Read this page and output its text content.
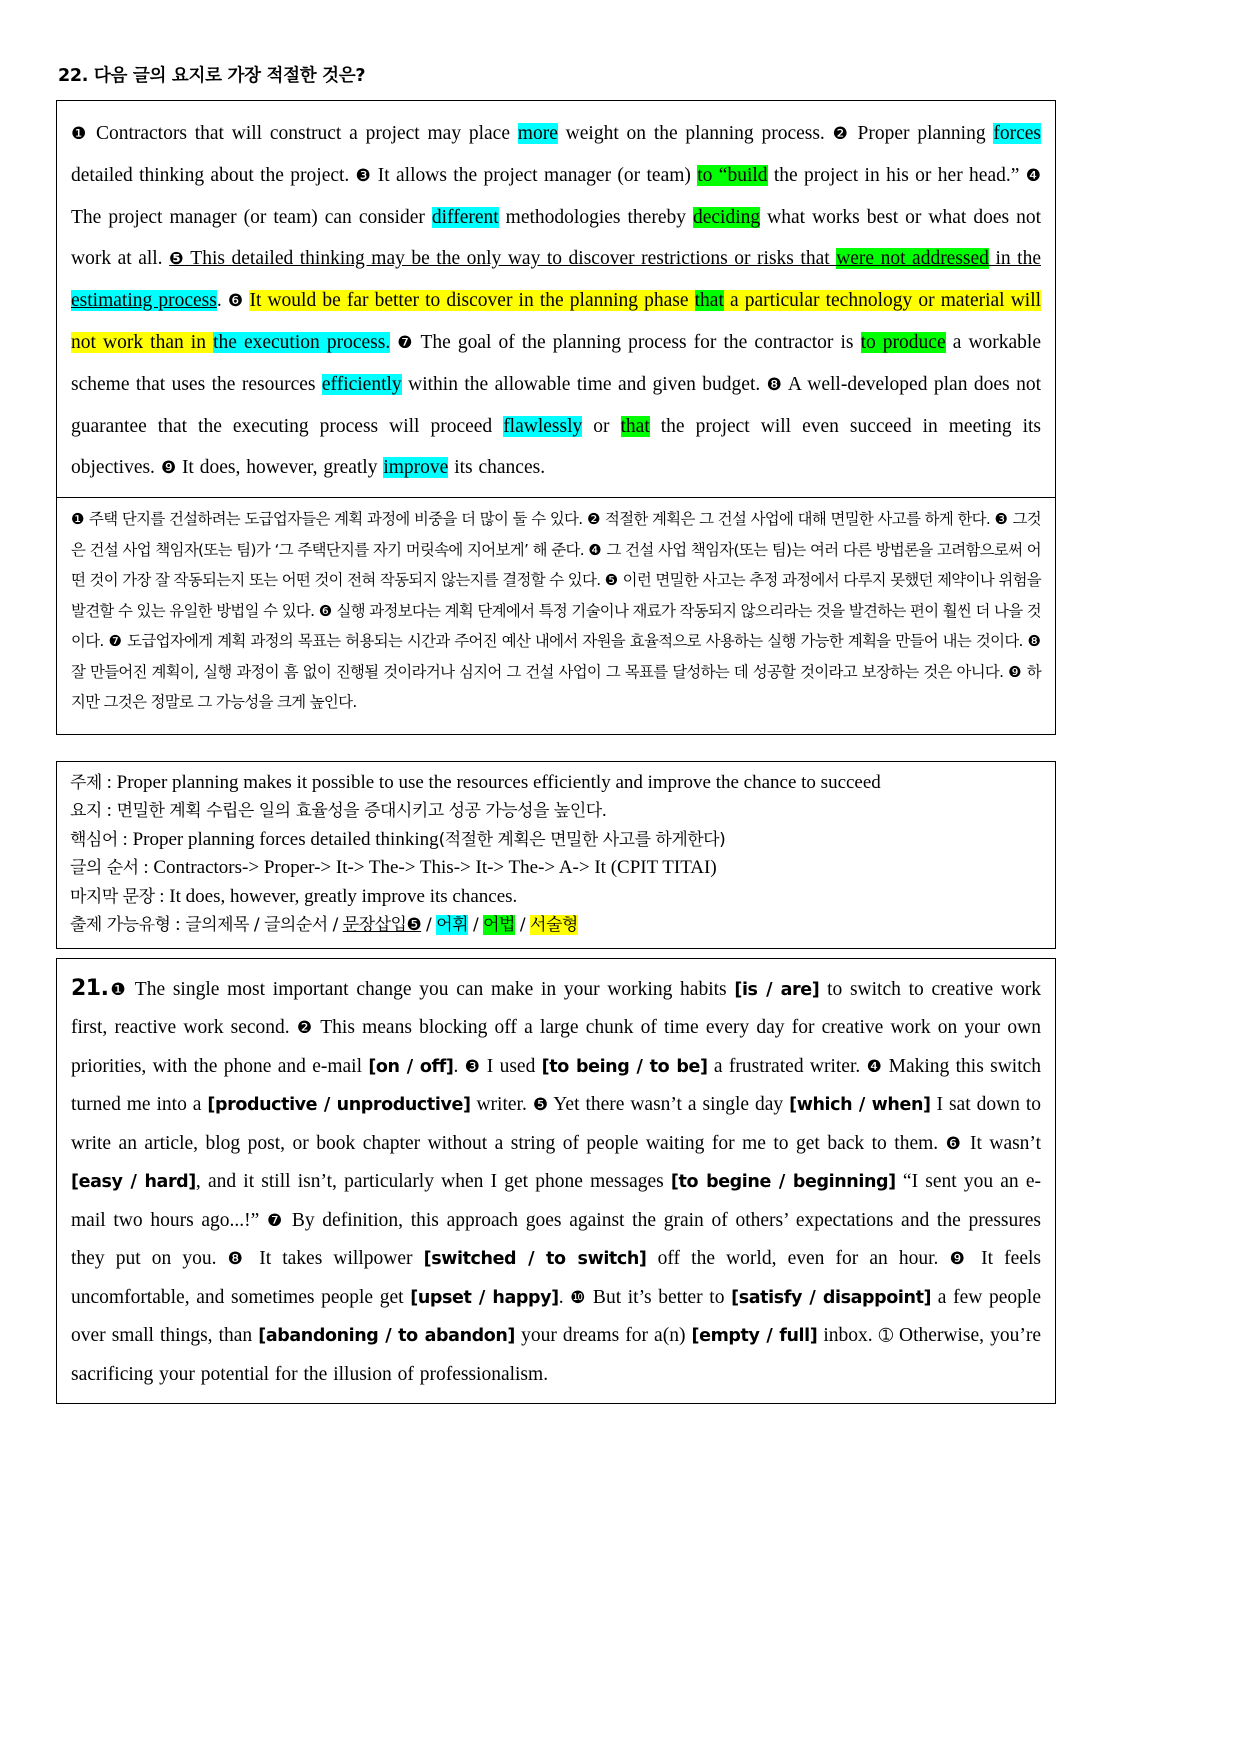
22. 다음 글의 요지로 가장 적절한 것은?
❶ Contractors that will construct a project may place more weight on the planning process. ❷ Proper planning forces detailed thinking about the project. ❸ It allows the project manager (or team) to “build the project in his or her head.” ❹ The project manager (or team) can consider different methodologies thereby deciding what works best or what does not work at all. ❺ This detailed thinking may be the only way to discover restrictions or risks that were not addressed in the estimating process. ❻ It would be far better to discover in the planning phase that a particular technology or material will not work than in the execution process. ❼ The goal of the planning process for the contractor is to produce a workable scheme that uses the resources efficiently within the allowable time and given budget. ❽ A well-developed plan does not guarantee that the executing process will proceed flawlessly or that the project will even succeed in meeting its objectives. ❾ It does, however, greatly improve its chances.
❶ 주택 단지를 건설하려는 도급업자들은 계획 과정에 비중을 더 많이 둘 수 있다. ❷ 적절한 계획은 그 건설 사업에 대해 면밀한 사고를 하게 한다. ❸ 그것은 건설 사업 책임자(또는 팀)가 ‘그 주택단지를 자기 머릿속에 지어보게’ 해 준다. ❹ 그 건설 사업 책임자(또는 팀)는 여러 다른 방법론을 고려함으로써 어떤 것이 가장 잘 작동되는지 또는 어떤 것이 전혀 작동되지 않는지를 결정할 수 있다. ❺ 이런 면밀한 사고는 추정 과정에서 다루지 못했던 제약이나 위험을 발견할 수 있는 유일한 방법일 수 있다. ❻ 실행 과정보다는 계획 단계에서 특정 기술이나 재료가 작동되지 않으리라는 것을 발견하는 편이 훨씬 더 나을 것이다. ❼ 도급업자에게 계획 과정의 목표는 허용되는 시간과 주어진 예산 내에서 자원을 효율적으로 사용하는 실행 가능한 계획을 만들어 내는 것이다. ❽ 잘 만들어진 계획이, 실행 과정이 흠 없이 진행될 것이라거나 심지어 그 건설 사업이 그 목표를 달성하는 데 성공할 것이라고 보장하는 것은 아니다. ❾ 하지만 그것은 정말로 그 가능성을 크게 높인다.
주제 : Proper planning makes it possible to use the resources efficiently and improve the chance to succeed
요지 : 면밀한 계획 수립은 일의 효율성을 증대시키고 성공 가능성을 높인다.
핵심어 : Proper planning forces detailed thinking(적절한 계획은 면밀한 사고를 하게한다)
글의 순서 : Contractors-> Proper-> It-> The-> This-> It-> The-> A-> It (CPIT TITAI)
마지막 문장 : It does, however, greatly improve its chances.
출제 가능유형 : 글의제목 / 글의순서 / 문장삽입❺ / 어휘 / 어법 / 서술형
21.❶ The single most important change you can make in your working habits [is / are] to switch to creative work first, reactive work second. ❷ This means blocking off a large chunk of time every day for creative work on your own priorities, with the phone and e-mail [on / off]. ❸ I used [to being / to be] a frustrated writer. ❹ Making this switch turned me into a [productive / unproductive] writer. ❺ Yet there wasn’t a single day [which / when] I sat down to write an article, blog post, or book chapter without a string of people waiting for me to get back to them. ❻ It wasn’t [easy / hard], and it still isn’t, particularly when I get phone messages [to begine / beginning] “I sent you an e-mail two hours ago...!” ❼ By definition, this approach goes against the grain of others’ expectations and the pressures they put on you. ❽ It takes willpower [switched / to switch] off the world, even for an hour. ❾ It feels uncomfortable, and sometimes people get [upset / happy]. ❿ But it’s better to [satisfy / disappoint] a few people over small things, than [abandoning / to abandon] your dreams for a(n) [empty / full] inbox. ➀ Otherwise, you’re sacrificing your potential for the illusion of professionalism.
